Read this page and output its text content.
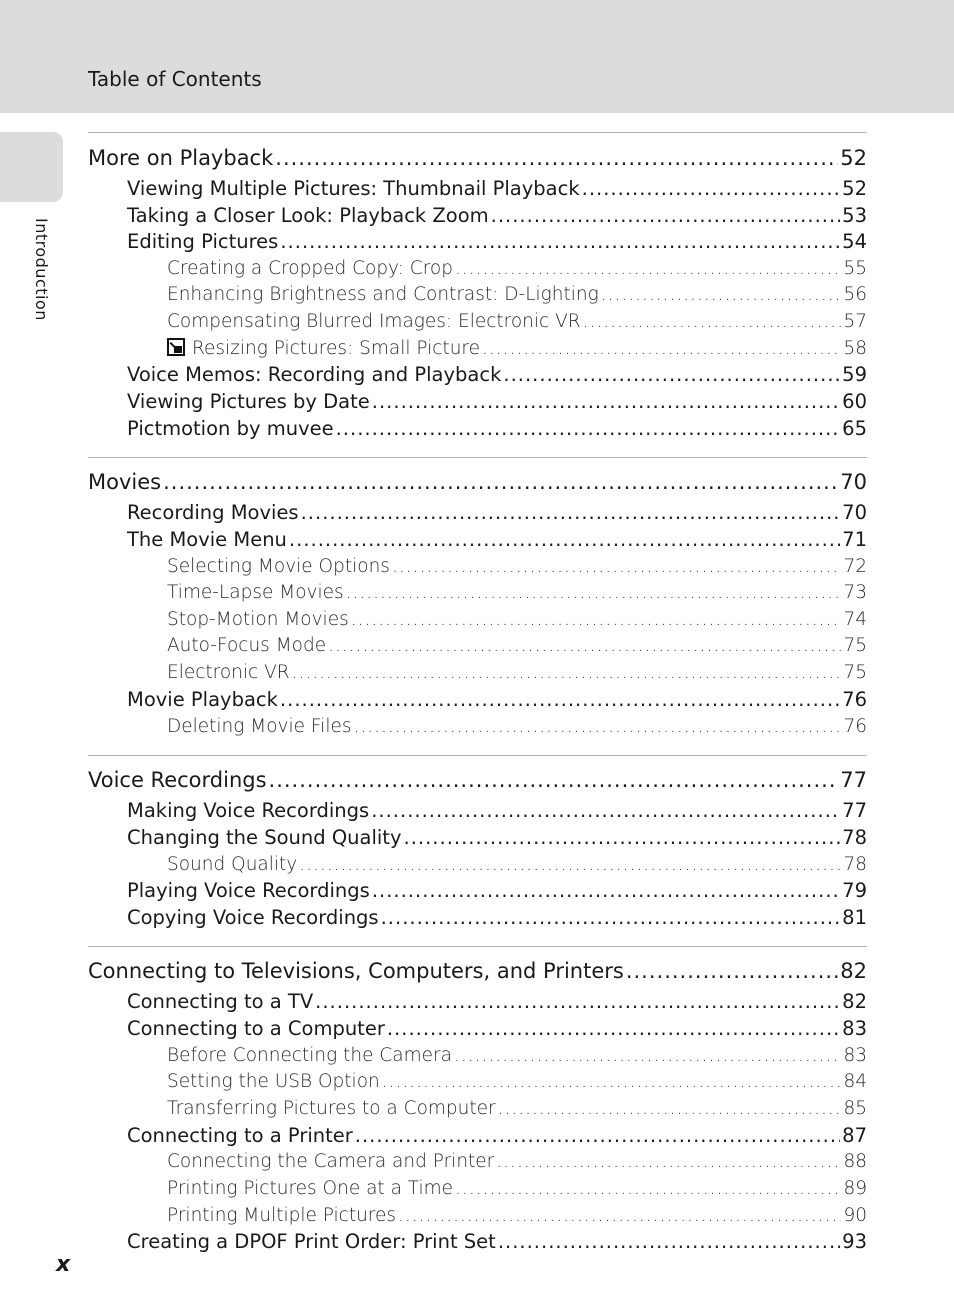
Table of Contents
Introduction
More on Playback .....	52
Viewing Multiple Pictures: Thumbnail Playback .....	52
Taking a Closer Look: Playback Zoom .....	53
Editing Pictures .....	54
Creating a Cropped Copy: Crop .....	55
Enhancing Brightness and Contrast: D-Lighting .....	56
Compensating Blurred Images: Electronic VR .....	57
Resizing Pictures: Small Picture .....	58
Voice Memos: Recording and Playback .....	59
Viewing Pictures by Date .....	60
Pictmotion by muvee .....	65
Movies .....	70
Recording Movies .....	70
The Movie Menu .....	71
Selecting Movie Options .....	72
Time-Lapse Movies .....	73
Stop-Motion Movies .....	74
Auto-Focus Mode .....	75
Electronic VR .....	75
Movie Playback .....	76
Deleting Movie Files .....	76
Voice Recordings .....	77
Making Voice Recordings .....	77
Changing the Sound Quality .....	78
Sound Quality .....	78
Playing Voice Recordings .....	79
Copying Voice Recordings .....	81
Connecting to Televisions, Computers, and Printers .....	82
Connecting to a TV .....	82
Connecting to a Computer .....	83
Before Connecting the Camera .....	83
Setting the USB Option .....	84
Transferring Pictures to a Computer .....	85
Connecting to a Printer .....	87
Connecting the Camera and Printer .....	88
Printing Pictures One at a Time .....	89
Printing Multiple Pictures .....	90
Creating a DPOF Print Order: Print Set .....	93
x
